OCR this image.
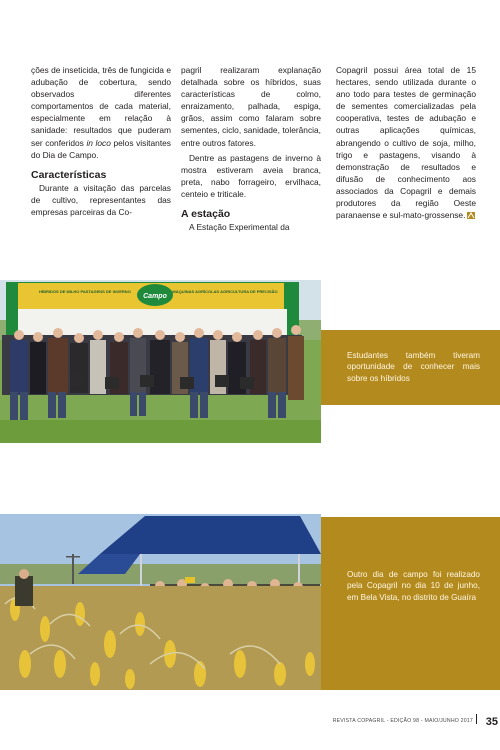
ções de inseticida, três de fungicida e adubação de cobertura, sendo observados diferentes comportamentos de cada material, especialmente em relação à sanidade: resultados que puderam ser conferidos in loco pelos visitantes do Dia de Campo.

Características

Durante a visitação das parcelas de cultivo, representantes das empresas parceiras da Co-

pagril realizaram explanação detalhada sobre os híbridos, suas características de colmo, enraizamento, palhada, espiga, grãos, assim como falaram sobre sementes, ciclo, sanidade, tolerância, entre outros fatores.

Dentre as pastagens de inverno à mostra estiveram aveia branca, preta, nabo forrageiro, ervilhaca, centeio e triticale.

A estação

A Estação Experimental da

Copagril possui área total de 15 hectares, sendo utilizada durante o ano todo para testes de germinação de sementes comercializadas pela cooperativa, testes de adubação e outras aplicações químicas, abrangendo o cultivo de soja, milho, trigo e pastagens, visando à demonstração de resultados e difusão de conhecimento aos associados da Copagril e demais produtores da região Oeste paranaense e sul-mato-grossense.

Campo
HÍBRIDOS DE MILHO PASTAGENS DE INVERNO	MÁQUINAS AGRÍCOLAS AGRICULTURA DE PRECISÃO
Estudantes também tiveram oportunidade de conhecer mais sobre os híbridos
Outro dia de campo foi realizado pela Copagril no dia 10 de junho, em Bela Vista, no distrito de Guaíra
REVISTA COPAGRIL - EDIÇÃO 98 - MAIO/JUNHO 2017	35
